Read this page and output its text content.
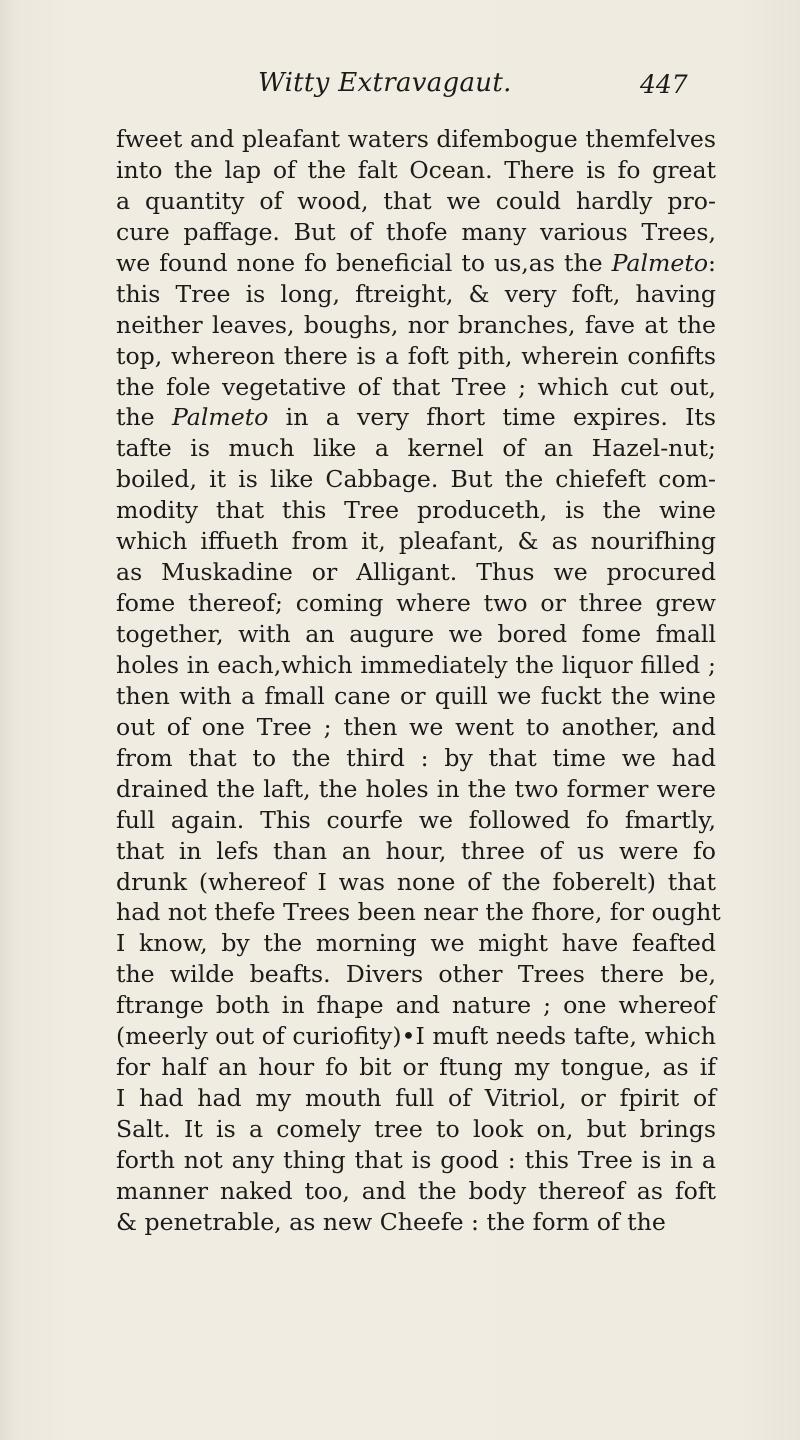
Witty Extravagaut.	447
fweet and pleafant waters difembogue themfelves
into the lap of the falt Ocean. There is fo great
a quantity of wood, that we could hardly pro-
cure paffage. But of thofe many various Trees,
we found none fo beneficial to us,as the Palmeto:
this Tree is long, ftreight, & very foft, having
neither leaves, boughs, nor branches, fave at the
top, whereon there is a foft pith, wherein confifts
the fole vegetative of that Tree ; which cut out,
the Palmeto in a very fhort time expires. Its
tafte is much like a kernel of an Hazel-nut;
boiled, it is like Cabbage. But the chiefeft com-
modity that this Tree produceth, is the wine
which iffueth from it, pleafant, & as nourifhing
as Muskadine or Alligant. Thus we procured
fome thereof; coming where two or three grew
together, with an augure we bored fome fmall
holes in each,which immediately the liquor filled ;
then with a fmall cane or quill we fuckt the wine
out of one Tree ; then we went to another, and
from that to the third : by that time we had
drained the laft, the holes in the two former were
full again. This courfe we followed fo fmartly,
that in lefs than an hour, three of us were fo
drunk (whereof I was none of the foberelt) that
had not thefe Trees been near the fhore, for ought
I know, by the morning we might have feafted
the wilde beafts. Divers other Trees there be,
ftrange both in fhape and nature ; one whereof
(meerly out of curiofity)•I muft needs tafte, which
for half an hour fo bit or ftung my tongue, as if
I had had my mouth full of Vitriol, or fpirit of
Salt. It is a comely tree to look on, but brings
forth not any thing that is good : this Tree is in a
manner naked too, and the body thereof as foft
& penetrable, as new Cheefe : the form of the
